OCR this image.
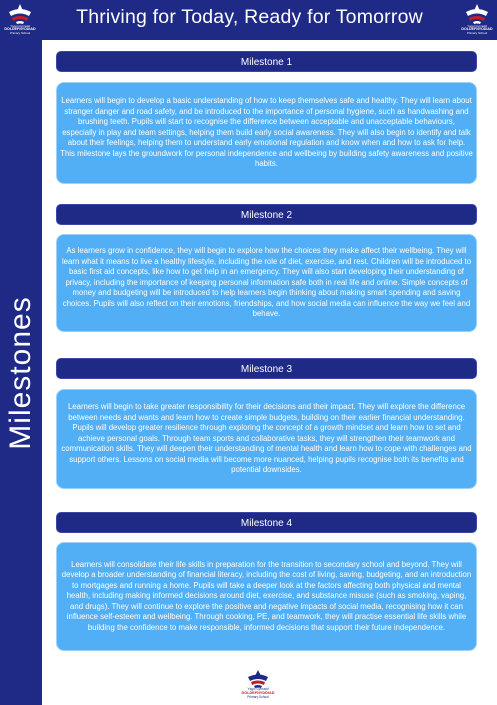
Ysgol Gynradd
DOLDEFNYDDIAD
Primary School
Thriving for Today, Ready for Tomorrow	Ysgol Gynradd
DOLDEFNYDDIAD
Primary School
Milestones
Milestone 1

Learners will begin to develop a basic understanding of how to keep themselves safe and healthy. They will learn about stranger danger and road safety, and be introduced to the importance of personal hygiene, such as handwashing and brushing teeth. Pupils will start to recognise the difference between acceptable and unacceptable behaviours, especially in play and team settings, helping them build early social awareness. They will also begin to identify and talk about their feelings, helping them to understand early emotional regulation and know when and how to ask for help. This milestone lays the groundwork for personal independence and wellbeing by building safety awareness and positive habits.

Milestone 2

As learners grow in confidence, they will begin to explore how the choices they make affect their wellbeing. They will learn what it means to live a healthy lifestyle, including the role of diet, exercise, and rest. Children will be introduced to basic first aid concepts, like how to get help in an emergency. They will also start developing their understanding of privacy, including the importance of keeping personal information safe both in real life and online. Simple concepts of money and budgeting will be introduced to help learners begin thinking about making smart spending and saving choices. Pupils will also reflect on their emotions, friendships, and how social media can influence the way we feel and behave.

Milestone 3

Learners will begin to take greater responsibility for their decisions and their impact. They will explore the difference between needs and wants and learn how to create simple budgets, building on their earlier financial understanding. Pupils will develop greater resilience through exploring the concept of a growth mindset and learn how to set and achieve personal goals. Through team sports and collaborative tasks, they will strengthen their teamwork and communication skills. They will deepen their understanding of mental health and learn how to cope with challenges and support others. Lessons on social media will become more nuanced, helping pupils recognise both its benefits and potential downsides.

Milestone 4

Learners will consolidate their life skills in preparation for the transition to secondary school and beyond. They will develop a broader understanding of financial literacy, including the cost of living, saving, budgeting, and an introduction to mortgages and running a home. Pupils will take a deeper look at the factors affecting both physical and mental health, including making informed decisions around diet, exercise, and substance misuse (such as smoking, vaping, and drugs). They will continue to explore the positive and negative impacts of social media, recognising how it can influence self-esteem and wellbeing. Through cooking, PE, and teamwork, they will practise essential life skills while building the confidence to make responsible, informed decisions that support their future independence.

Ysgol Gynradd
DOLDEFNYDDIAD
Primary School
